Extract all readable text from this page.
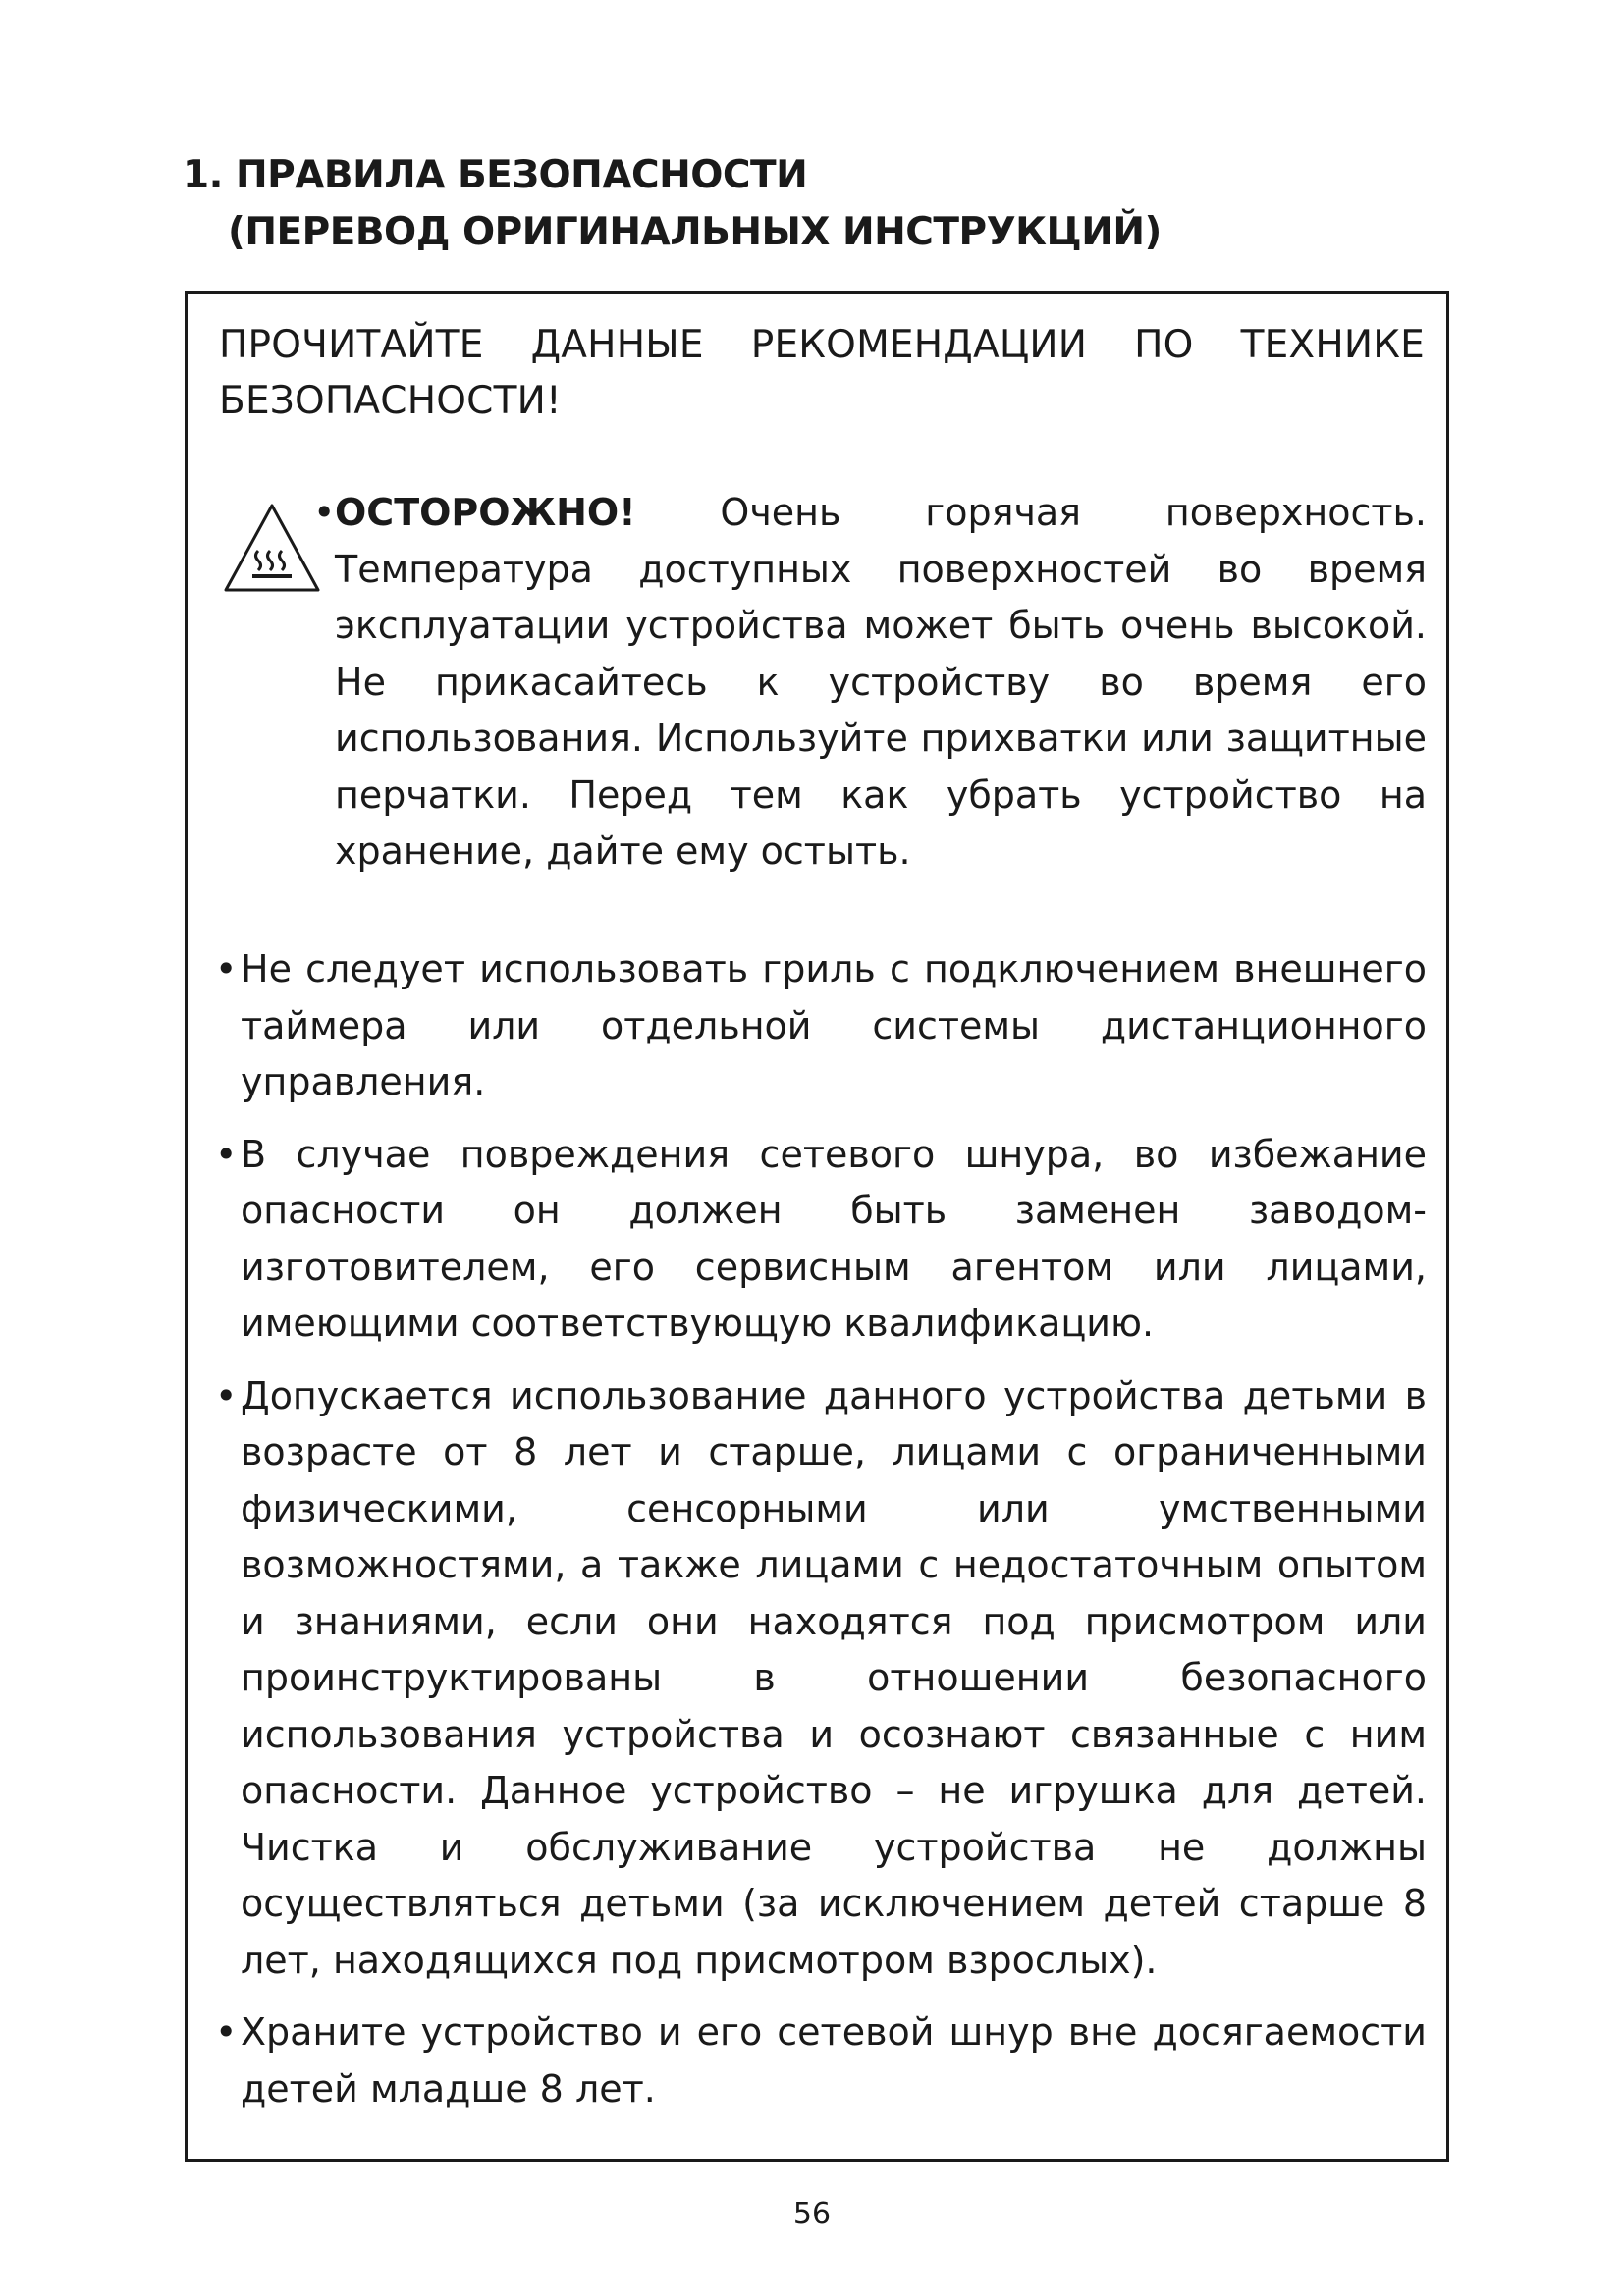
1. ПРАВИЛА БЕЗОПАСНОСТИ
(ПЕРЕВОД ОРИГИНАЛЬНЫХ ИНСТРУКЦИЙ)

ПРОЧИТАЙТЕ ДАННЫЕ РЕКОМЕНДАЦИИ ПО ТЕХНИКЕ БЕЗОПАСНОСТИ!

• ОСТОРОЖНО! Очень горячая поверхность. Температура доступных поверхностей во время эксплуатации устройства может быть очень высокой. Не прикасайтесь к устройству во время его использования. Используйте прихватки или защитные перчатки. Перед тем как убрать устройство на хранение, дайте ему остыть.

• Не следует использовать гриль с подключением внешнего таймера или отдельной системы дистанционного управления.
• В случае повреждения сетевого шнура, во избежание опасности он должен быть заменен заводом-изготовителем, его сервисным агентом или лицами, имеющими соответствующую квалификацию.
• Допускается использование данного устройства детьми в возрасте от 8 лет и старше, лицами с ограниченными физическими, сенсорными или умственными возможностями, а также лицами с недостаточным опытом и знаниями, если они находятся под присмотром или проинструктированы в отношении безопасного использования устройства и осознают связанные с ним опасности. Данное устройство – не игрушка для детей. Чистка и обслуживание устройства не должны осуществляться детьми (за исключением детей старше 8 лет, находящихся под присмотром взрослых).
• Храните устройство и его сетевой шнур вне досягаемости детей младше 8 лет.
56
